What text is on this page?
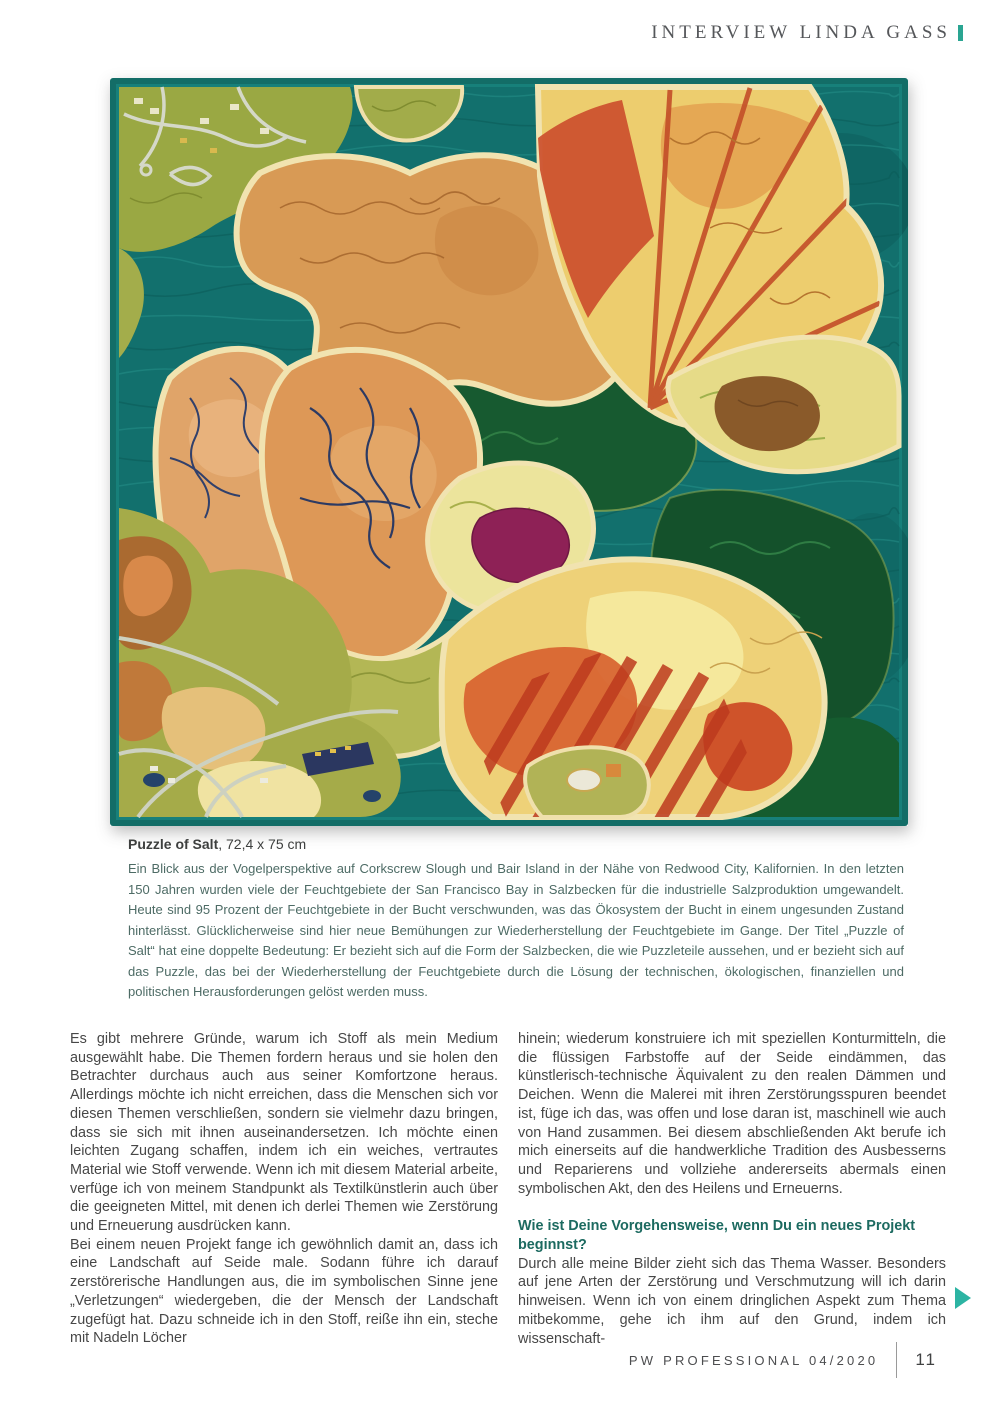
INTERVIEW LINDA GASS

Puzzle of Salt, 72,4 x 75 cm

Ein Blick aus der Vogelperspektive auf Corkscrew Slough und Bair Island in der Nähe von Redwood City, Kalifornien. In den letzten 150 Jahren wurden viele der Feuchtgebiete der San Francisco Bay in Salzbecken für die industrielle Salzproduktion umgewandelt. Heute sind 95 Prozent der Feuchtgebiete in der Bucht verschwunden, was das Ökosystem der Bucht in einem ungesunden Zustand hinterlässt. Glücklicherweise sind hier neue Bemühungen zur Wiederherstellung der Feuchtgebiete im Gange. Der Titel „Puzzle of Salt“ hat eine doppelte Bedeutung: Er bezieht sich auf die Form der Salzbecken, die wie Puzzleteile aussehen, und er bezieht sich auf das Puzzle, das bei der Wiederherstellung der Feuchtgebiete durch die Lösung der technischen, ökologischen, finanziellen und politischen Herausforderungen gelöst werden muss.

Es gibt mehrere Gründe, warum ich Stoff als mein Medium ausgewählt habe. Die Themen fordern heraus und sie holen den Betrachter durchaus auch aus seiner Komfortzone heraus. Allerdings möchte ich nicht erreichen, dass die Menschen sich vor diesen Themen verschließen, sondern sie vielmehr dazu bringen, dass sie sich mit ihnen auseinandersetzen. Ich möchte einen leichten Zugang schaffen, indem ich ein weiches, vertrautes Material wie Stoff verwende. Wenn ich mit diesem Material arbeite, verfüge ich von meinem Standpunkt als Textilkünstlerin auch über die geeigneten Mittel, mit denen ich derlei Themen wie Zerstörung und Erneuerung ausdrücken kann.

Bei einem neuen Projekt fange ich gewöhnlich damit an, dass ich eine Landschaft auf Seide male. Sodann führe ich darauf zerstörerische Handlungen aus, die im symbolischen Sinne jene „Verletzungen“ wiedergeben, die der Mensch der Landschaft zugefügt hat. Dazu schneide ich in den Stoff, reiße ihn ein, steche mit Nadeln Löcher

hinein; wiederum konstruiere ich mit speziellen Konturmitteln, die die flüssigen Farbstoffe auf der Seide eindämmen, das künstlerisch-technische Äquivalent zu den realen Dämmen und Deichen. Wenn die Malerei mit ihren Zerstörungsspuren beendet ist, füge ich das, was offen und lose daran ist, maschinell wie auch von Hand zusammen. Bei diesem abschließenden Akt berufe ich mich einerseits auf die handwerkliche Tradition des Ausbesserns und Reparierens und vollziehe andererseits abermals einen symbolischen Akt, den des Heilens und Erneuerns.

Wie ist Deine Vorgehensweise, wenn Du ein neues Projekt beginnst?

Durch alle meine Bilder zieht sich das Thema Wasser. Besonders auf jene Arten der Zerstörung und Verschmutzung will ich darin hinweisen. Wenn ich von einem dringlichen Aspekt zum Thema mitbekomme, gehe ich ihm auf den Grund, indem ich wissenschaft-

PW PROFESSIONAL 04/2020 11
